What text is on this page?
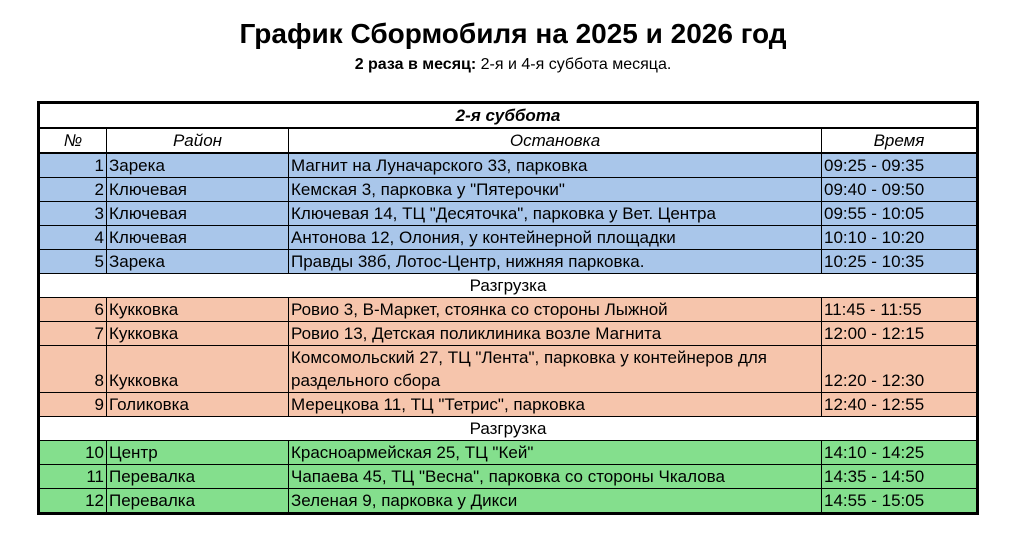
График Сбормобиля на 2025 и 2026 год
2 раза в месяц: 2-я и 4-я суббота месяца.
2-я суббота			
№	Район	Остановка	Время
1	Зарека	Магнит на Луначарского 33, парковка	09:25 - 09:35
2	Ключевая	Кемская 3, парковка у "Пятерочки"	09:40 - 09:50
3	Ключевая	Ключевая 14, ТЦ "Десяточка", парковка у Вет. Центра	09:55 - 10:05
4	Ключевая	Антонова 12, Олония, у контейнерной площадки	10:10 - 10:20
5	Зарека	Правды 38б, Лотос-Центр, нижняя парковка.	10:25 - 10:35
Разгрузка			
6	Кукковка	Ровио 3, В-Маркет, стоянка со стороны Лыжной	11:45 - 11:55
7	Кукковка	Ровио 13, Детская поликлиника возле Магнита	12:00 - 12:15
8	Кукковка	Комсомольский 27, ТЦ "Лента", парковка у контейнеров для раздельного сбора	12:20 - 12:30
9	Голиковка	Мерецкова 11, ТЦ "Тетрис", парковка	12:40 - 12:55
Разгрузка			
10	Центр	Красноармейская 25, ТЦ "Кей"	14:10 - 14:25
11	Перевалка	Чапаева 45, ТЦ "Весна", парковка со стороны Чкалова	14:35 - 14:50
12	Перевалка	Зеленая 9, парковка у Дикси	14:55 - 15:05
